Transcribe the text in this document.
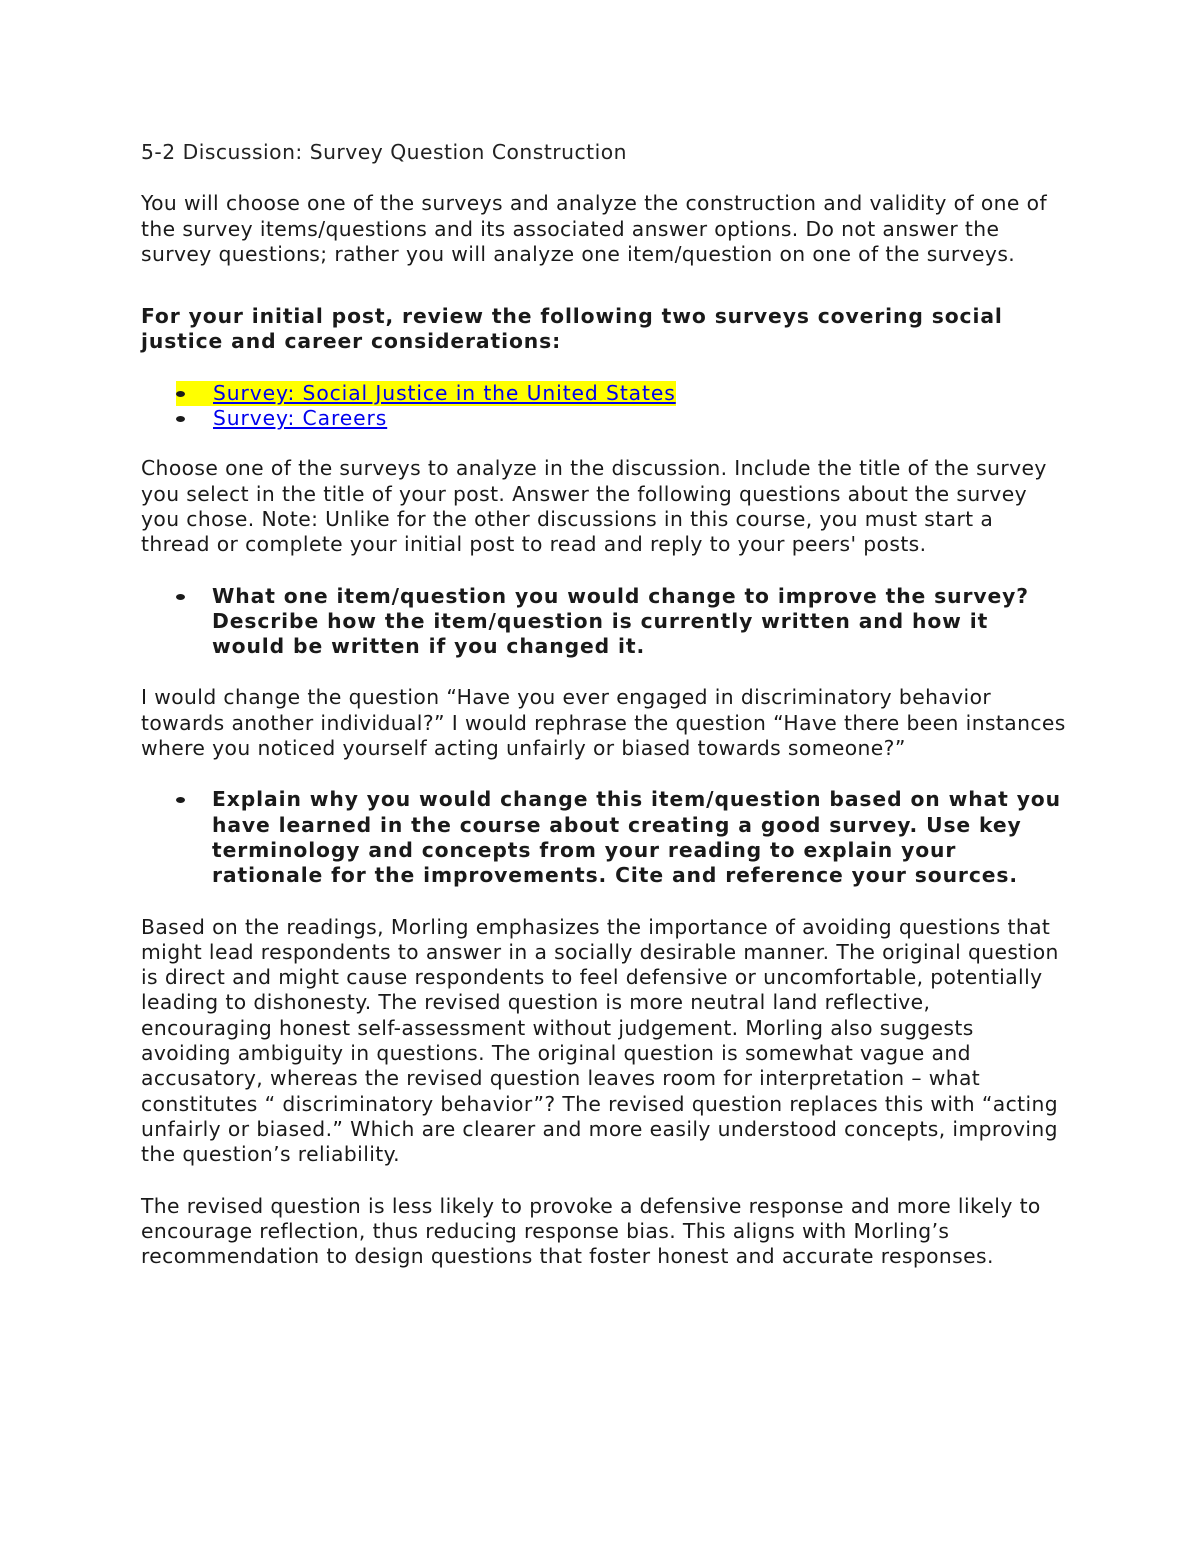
5-2 Discussion: Survey Question Construction

You will choose one of the surveys and analyze the construction and validity of one of the survey items/questions and its associated answer options. Do not answer the survey questions; rather you will analyze one item/question on one of the surveys.

For your initial post, review the following two surveys covering social justice and career considerations:

Survey: Social Justice in the United States
Survey: Careers

Choose one of the surveys to analyze in the discussion. Include the title of the survey you select in the title of your post. Answer the following questions about the survey you chose. Note: Unlike for the other discussions in this course, you must start a thread or complete your initial post to read and reply to your peers' posts.

What one item/question you would change to improve the survey? Describe how the item/question is currently written and how it would be written if you changed it.

I would change the question “Have you ever engaged in discriminatory behavior towards another individual?” I would rephrase the question “Have there been instances where you noticed yourself acting unfairly or biased towards someone?”

Explain why you would change this item/question based on what you have learned in the course about creating a good survey. Use key terminology and concepts from your reading to explain your rationale for the improvements. Cite and reference your sources.

Based on the readings, Morling emphasizes the importance of avoiding questions that might lead respondents to answer in a socially desirable manner. The original question is direct and might cause respondents to feel defensive or uncomfortable, potentially leading to dishonesty. The revised question is more neutral land reflective, encouraging honest self-assessment without judgement. Morling also suggests avoiding ambiguity in questions. The original question is somewhat vague and accusatory, whereas the revised question leaves room for interpretation – what constitutes “ discriminatory behavior”? The revised question replaces this with “acting unfairly or biased.” Which are clearer and more easily understood concepts, improving the question’s reliability.

The revised question is less likely to provoke a defensive response and more likely to encourage reflection, thus reducing response bias. This aligns with Morling’s recommendation to design questions that foster honest and accurate responses.
